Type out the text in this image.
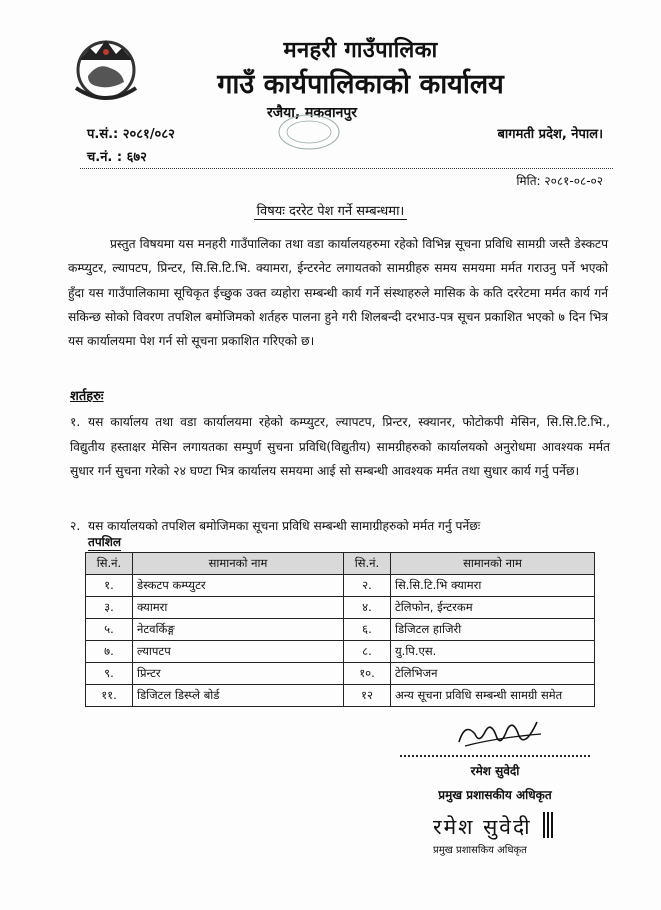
मनहरी गाउँपालिका
गाउँ कार्यपालिकाको कार्यालय
रजैया, मकवानपुर
प.सं.: २०८१/०८२
च.नं. : ६७२
बागमती प्रदेश, नेपाल।
मिति: २०८१-०८-०२
विषयः दररेट पेश गर्ने सम्बन्धमा।

प्रस्तुत विषयमा यस मनहरी गाउँपालिका तथा वडा कार्यालयहरुमा रहेको विभिन्न सूचना प्रविधि सामग्री जस्तै डेस्कटप कम्प्युटर, ल्यापटप, प्रिन्टर, सि.सि.टि.भि. क्यामरा, ईन्टरनेट लगायतको सामग्रीहरु समय समयमा मर्मत गराउनु पर्ने भएको हुँदा यस गाउँपालिकामा सूचिकृत ईच्छुक उक्त व्यहोरा सम्बन्धी कार्य गर्ने संस्थाहरुले मासिक के कति दररेटमा मर्मत कार्य गर्न सकिन्छ सोको विवरण तपशिल बमोजिमको शर्तहरु पालना हुने गरी शिलबन्दी दरभाउ-पत्र सूचन प्रकाशित भएको ७ दिन भित्र यस कार्यालयमा पेश गर्न सो सूचना प्रकाशित गरिएको छ।

शर्तहरुः
१. यस कार्यालय तथा वडा कार्यालयमा रहेको कम्प्युटर, ल्यापटप, प्रिन्टर, स्क्यानर, फोटोकपी मेसिन, सि.सि.टि.भि., विद्युतीय हस्ताक्षर मेसिन लगायतका सम्पुर्ण सुचना प्रविधि(विद्युतीय) सामग्रीहरुको कार्यालयको अनुरोधमा आवश्यक मर्मत सुधार गर्न सुचना गरेको २४ घण्टा भित्र कार्यालय समयमा आई सो सम्बन्धी आवश्यक मर्मत तथा सुधार कार्य गर्नु पर्नेछ।
२. यस कार्यालयको तपशिल बमोजिमका सूचना प्रविधि सम्बन्धी सामाग्रीहरुको मर्मत गर्नु पर्नेछः
तपशिल
सि.नं.	सामानको नाम	सि.नं.	सामानको नाम
१.	डेस्कटप कम्प्युटर	२.	सि.सि.टि.भि क्यामरा
३.	क्यामरा	४.	टेलिफोन, ईन्टरकम
५.	नेटवर्किङ्ग	६.	डिजिटल हाजिरी
७.	ल्यापटप	८.	यु.पि.एस.
९.	प्रिन्टर	१०.	टेलिभिजन
११.	डिजिटल डिस्प्ले बोर्ड	१२	अन्य सूचना प्रविधि सम्बन्धी सामग्री समेत
रमेश सुवेदी
प्रमुख प्रशासकीय अधिकृत
रमेश सुवेदी
प्रमुख प्रशासकिय अधिकृत
